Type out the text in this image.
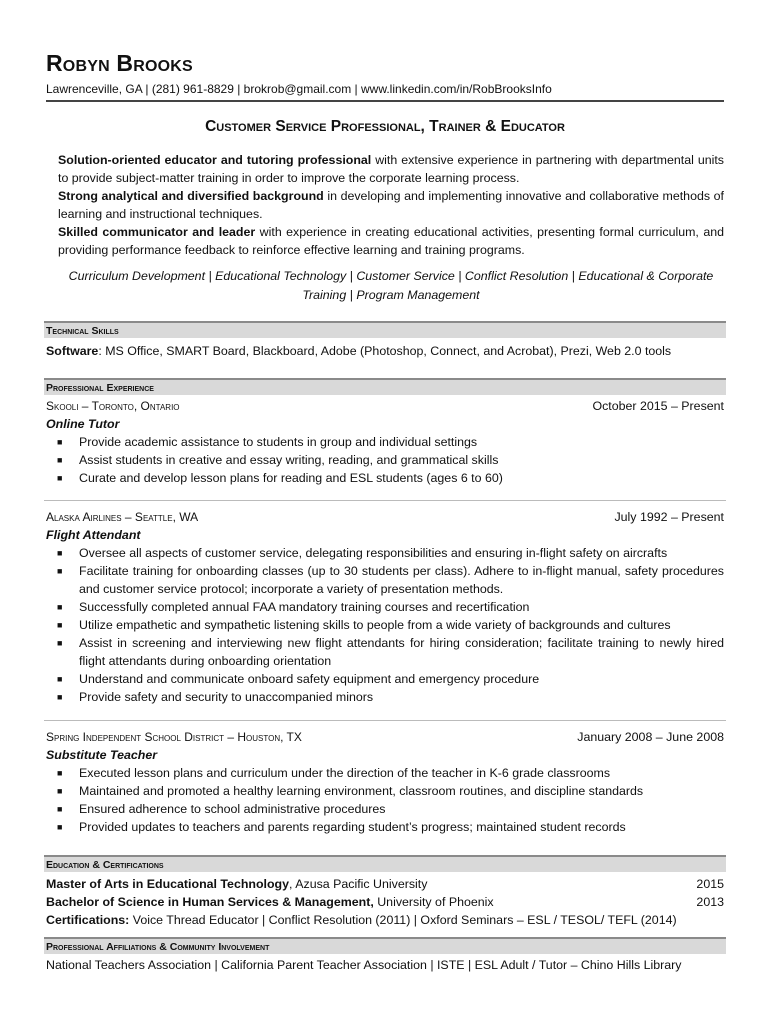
Robyn Brooks
Lawrenceville, GA | (281) 961-8829 | brokrob@gmail.com | www.linkedin.com/in/RobBrooksInfo
Customer Service Professional, Trainer & Educator

Solution-oriented educator and tutoring professional with extensive experience in partnering with departmental units to provide subject-matter training in order to improve the corporate learning process.

Strong analytical and diversified background in developing and implementing innovative and collaborative methods of learning and instructional techniques.

Skilled communicator and leader with experience in creating educational activities, presenting formal curriculum, and providing performance feedback to reinforce effective learning and training programs.

Curriculum Development | Educational Technology | Customer Service | Conflict Resolution | Educational & Corporate Training | Program Management
Technical Skills
Software: MS Office, SMART Board, Blackboard, Adobe (Photoshop, Connect, and Acrobat), Prezi, Web 2.0 tools
Professional Experience
Skooli – Toronto, Ontario	October 2015 – Present
Online Tutor
■ Provide academic assistance to students in group and individual settings
■ Assist students in creative and essay writing, reading, and grammatical skills
■ Curate and develop lesson plans for reading and ESL students (ages 6 to 60)
Alaska Airlines – Seattle, WA	July 1992 – Present
Flight Attendant
■ Oversee all aspects of customer service, delegating responsibilities and ensuring in-flight safety on aircrafts
■ Facilitate training for onboarding classes (up to 30 students per class). Adhere to in-flight manual, safety procedures and customer service protocol; incorporate a variety of presentation methods.
■ Successfully completed annual FAA mandatory training courses and recertification
■ Utilize empathetic and sympathetic listening skills to people from a wide variety of backgrounds and cultures
■ Assist in screening and interviewing new flight attendants for hiring consideration; facilitate training to newly hired flight attendants during onboarding orientation
■ Understand and communicate onboard safety equipment and emergency procedure
■ Provide safety and security to unaccompanied minors
Spring Independent School District – Houston, TX	January 2008 – June 2008
Substitute Teacher
■ Executed lesson plans and curriculum under the direction of the teacher in K-6 grade classrooms
■ Maintained and promoted a healthy learning environment, classroom routines, and discipline standards
■ Ensured adherence to school administrative procedures
■ Provided updates to teachers and parents regarding student’s progress; maintained student records
Education & Certifications
Master of Arts in Educational Technology, Azusa Pacific University	2015
Bachelor of Science in Human Services & Management, University of Phoenix	2013
Certifications: Voice Thread Educator | Conflict Resolution (2011) | Oxford Seminars – ESL / TESOL/ TEFL (2014)
Professional Affiliations & Community Involvement
National Teachers Association | California Parent Teacher Association | ISTE | ESL Adult / Tutor – Chino Hills Library
